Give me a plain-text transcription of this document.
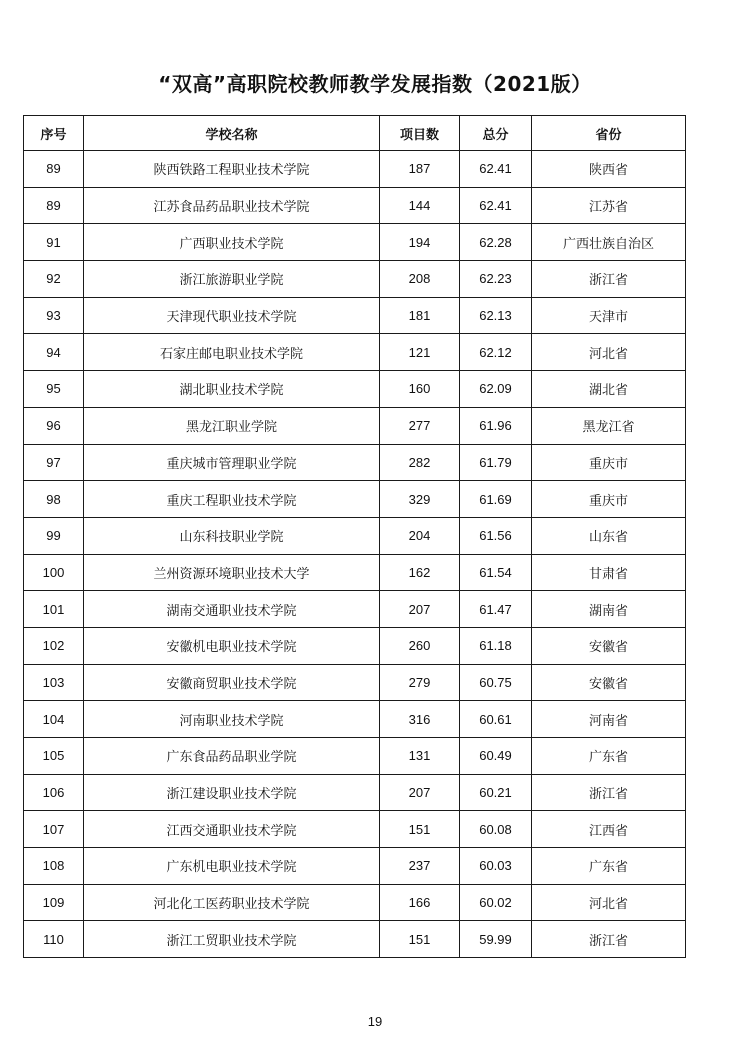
“双高”高职院校教师教学发展指数（2021版）
序号	学校名称	项目数	总分	省份
89	陕西铁路工程职业技术学院	187	62.41	陕西省
89	江苏食品药品职业技术学院	144	62.41	江苏省
91	广西职业技术学院	194	62.28	广西壮族自治区
92	浙江旅游职业学院	208	62.23	浙江省
93	天津现代职业技术学院	181	62.13	天津市
94	石家庄邮电职业技术学院	121	62.12	河北省
95	湖北职业技术学院	160	62.09	湖北省
96	黑龙江职业学院	277	61.96	黑龙江省
97	重庆城市管理职业学院	282	61.79	重庆市
98	重庆工程职业技术学院	329	61.69	重庆市
99	山东科技职业学院	204	61.56	山东省
100	兰州资源环境职业技术大学	162	61.54	甘肃省
101	湖南交通职业技术学院	207	61.47	湖南省
102	安徽机电职业技术学院	260	61.18	安徽省
103	安徽商贸职业技术学院	279	60.75	安徽省
104	河南职业技术学院	316	60.61	河南省
105	广东食品药品职业学院	131	60.49	广东省
106	浙江建设职业技术学院	207	60.21	浙江省
107	江西交通职业技术学院	151	60.08	江西省
108	广东机电职业技术学院	237	60.03	广东省
109	河北化工医药职业技术学院	166	60.02	河北省
110	浙江工贸职业技术学院	151	59.99	浙江省
19
